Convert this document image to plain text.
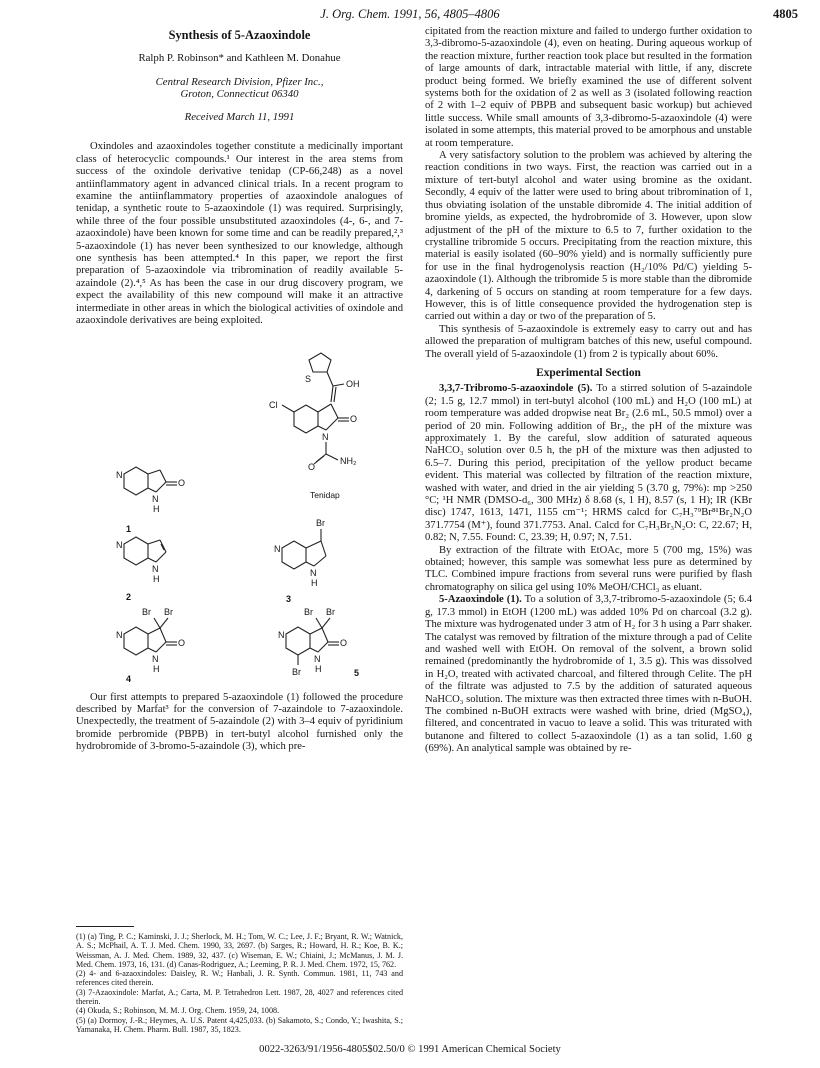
J. Org. Chem. 1991, 56, 4805–4806	4805
Synthesis of 5-Azaoxindole
Ralph P. Robinson* and Kathleen M. Donahue
Central Research Division, Pfizer Inc.,
Groton, Connecticut 06340
Received March 11, 1991

Oxindoles and azaoxindoles together constitute a medicinally important class of heterocyclic compounds.¹ Our interest in the area stems from success of the oxindole derivative tenidap (CP-66,248) as a novel antiinflammatory agent in advanced clinical trials. In a recent program to examine the antiinflammatory properties of azaoxindole analogues of tenidap, a synthetic route to 5-azaoxindole (1) was required. Surprisingly, while three of the four possible unsubstituted azaoxindoles (4-, 6-, and 7-azaoxindole) have been known for some time and can be readily prepared,²,³ 5-azaoxindole (1) has never been synthesized to our knowledge, although one synthesis has been attempted.⁴ In this paper, we report the first preparation of 5-azaoxindole via tribromination of readily available 5-azaindole (2).⁴,⁵ As has been the case in our drug discovery program, we expect the availability of this new compound will make it an attractive intermediate in other areas in which the biological activities of oxindole and azaoxindole derivatives are being exploited.

N
N
H
O
1
S	OH
O
Cl
N
O
NH₂
Tenidap
N
N
H
2
Br
N
N
H
3
Br Br
O
N
N
H
4
Br Br
O
N
N
H
Br	5

Our first attempts to prepared 5-azaoxindole (1) followed the procedure described by Marfat³ for the conversion of 7-azaindole to 7-azaoxindole. Unexpectedly, the treatment of 5-azaindole (2) with 3–4 equiv of pyridinium bromide perbromide (PBPB) in tert-butyl alcohol furnished only the hydrobromide of 3-bromo-5-azaindole (3), which pre-

(1) (a) Ting, P. C.; Kaminski, J. J.; Sherlock, M. H.; Tom, W. C.; Lee, J. F.; Bryant, R. W.; Watnick, A. S.; McPhail, A. T. J. Med. Chem. 1990, 33, 2697. (b) Sarges, R.; Howard, H. R.; Koe, B. K.; Weissman, A. J. Med. Chem. 1989, 32, 437. (c) Wiseman, E. W.; Chiaini, J.; McManus, J. M. J. Med. Chem. 1973, 16, 131. (d) Canas-Rodriguez, A.; Leeming, P. R. J. Med. Chem. 1972, 15, 762.

(2) 4- and 6-azaoxindoles: Daisley, R. W.; Hanbali, J. R. Synth. Commun. 1981, 11, 743 and references cited therein.

(3) 7-Azaoxindole: Marfat, A.; Carta, M. P. Tetrahedron Lett. 1987, 28, 4027 and references cited therein.

(4) Okuda, S.; Robinson, M. M. J. Org. Chem. 1959, 24, 1008.

(5) (a) Dormoy, J.-R.; Heymes, A. U.S. Patent 4,425,033. (b) Sakamoto, S.; Condo, Y.; Iwashita, S.; Yamanaka, H. Chem. Pharm. Bull. 1987, 35, 1823.

cipitated from the reaction mixture and failed to undergo further oxidation to 3,3-dibromo-5-azaoxindole (4), even on heating. During aqueous workup of the reaction mixture, further reaction took place but resulted in the formation of large amounts of dark, intractable material with little, if any, discrete product being formed. We briefly examined the use of different solvent systems both for the oxidation of 2 as well as 3 (isolated following reaction of 2 with 1–2 equiv of PBPB and subsequent basic workup) but achieved little success. While small amounts of 3,3-dibromo-5-azaoxindole (4) were isolated in some attempts, this material proved to be amorphous and unstable at room temperature.

A very satisfactory solution to the problem was achieved by altering the reaction conditions in two ways. First, the reaction was carried out in a mixture of tert-butyl alcohol and water using bromine as the oxidant. Secondly, 4 equiv of the latter were used to bring about tribromination of 1, thus obviating isolation of the unstable dibromide 4. The initial addition of bromine yields, as expected, the hydrobromide of 3. However, upon slow adjustment of the pH of the mixture to 6.5 to 7, further oxidation to the crystalline tribromide 5 occurs. Precipitating from the reaction mixture, this material is easily isolated (60–90% yield) and is normally sufficiently pure for use in the final hydrogenolysis reaction (H₂/10% Pd/C) yielding 5-azaoxindole (1). Although the tribromide 5 is more stable than the dibromide 4, darkening of 5 occurs on standing at room temperature for a few days. However, this is of little consequence provided the hydrogenation step is carried out within a day or two of the preparation of 5.

This synthesis of 5-azaoxindole is extremely easy to carry out and has allowed the preparation of multigram batches of this new, useful compound. The overall yield of 5-azaoxindole (1) from 2 is typically about 60%.

Experimental Section

3,3,7-Tribromo-5-azaoxindole (5). To a stirred solution of 5-azaindole (2; 1.5 g, 12.7 mmol) in tert-butyl alcohol (100 mL) and H₂O (100 mL) at room temperature was added dropwise neat Br₂ (2.6 mL, 50.5 mmol) over a period of 20 min. Following addition of Br₂, the pH of the mixture was approximately 1. By the careful, slow addition of saturated aqueous NaHCO₃ solution over 0.5 h, the pH of the mixture was then adjusted to 6.5–7. During this period, precipitation of the yellow product became evident. This material was collected by filtration of the reaction mixture, washed with water, and dried in the air yielding 5 (3.70 g, 79%): mp >250 °C; ¹H NMR (DMSO-d₆, 300 MHz) δ 8.68 (s, 1 H), 8.57 (s, 1 H); IR (KBr disc) 1747, 1613, 1471, 1155 cm⁻¹; HRMS calcd for C₇H₃⁷⁹Br⁸¹Br₂N₂O 371.7754 (M⁺), found 371.7753. Anal. Calcd for C₇H₃Br₃N₂O: C, 22.67; H, 0.82; N, 7.55. Found: C, 23.39; H, 0.97; N, 7.51.

By extraction of the filtrate with EtOAc, more 5 (700 mg, 15%) was obtained; however, this sample was somewhat less pure as determined by TLC. Combined impure fractions from several runs were purified by flash chromatography on silica gel using 10% MeOH/CHCl₃ as eluant.

5-Azaoxindole (1). To a solution of 3,3,7-tribromo-5-azaoxindole (5; 6.4 g, 17.3 mmol) in EtOH (1200 mL) was added 10% Pd on charcoal (3.2 g). The mixture was hydrogenated under 3 atm of H₂ for 3 h using a Parr shaker. The catalyst was removed by filtration of the mixture through a pad of Celite and washed well with EtOH. On removal of the solvent, a brown solid remained (predominantly the hydrobromide of 1, 3.5 g). This was dissolved in H₂O, treated with activated charcoal, and filtered through Celite. The pH of the filtrate was adjusted to 7.5 by the addition of saturated aqueous NaHCO₃ solution. The mixture was then extracted three times with n-BuOH. The combined n-BuOH extracts were washed with brine, dried (MgSO₄), filtered, and concentrated in vacuo to leave a solid. This was triturated with butanone and filtered to collect 5-azaoxindole (1) as a tan solid, 1.60 g (69%). An analytical sample was obtained by re-

0022-3263/91/1956-4805$02.50/0 © 1991 American Chemical Society
